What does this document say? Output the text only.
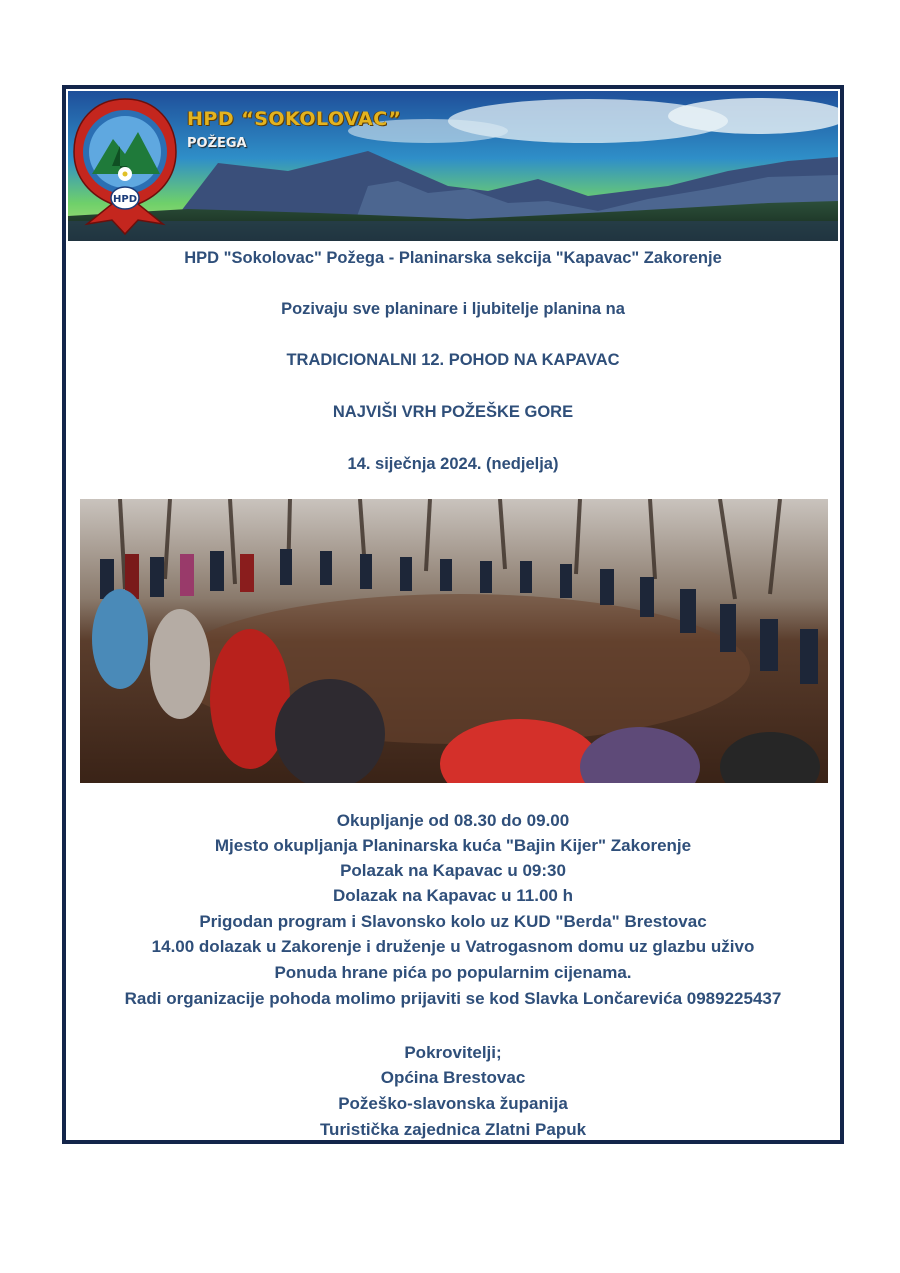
HPD “SOKOLOVAC”
POŽEGA
HPD
HPD "Sokolovac" Požega - Planinarska sekcija "Kapavac" Zakorenje
Pozivaju sve planinare i ljubitelje planina na
TRADICIONALNI 12. POHOD NA KAPAVAC
NAJVIŠI VRH POŽEŠKE GORE
14. siječnja 2024. (nedjelja)
Okupljanje od 08.30 do 09.00
Mjesto okupljanja Planinarska kuća "Bajin Kijer" Zakorenje
Polazak na Kapavac u 09:30
Dolazak na Kapavac u 11.00 h
Prigodan program i Slavonsko kolo uz KUD "Berda" Brestovac
14.00 dolazak u Zakorenje i druženje u Vatrogasnom domu uz glazbu uživo
Ponuda hrane pića po popularnim cijenama.
Radi organizacije pohoda molimo prijaviti se kod Slavka Lončarevića 0989225437
Pokrovitelji;
Općina Brestovac
Požeško-slavonska županija
Turistička zajednica Zlatni Papuk
